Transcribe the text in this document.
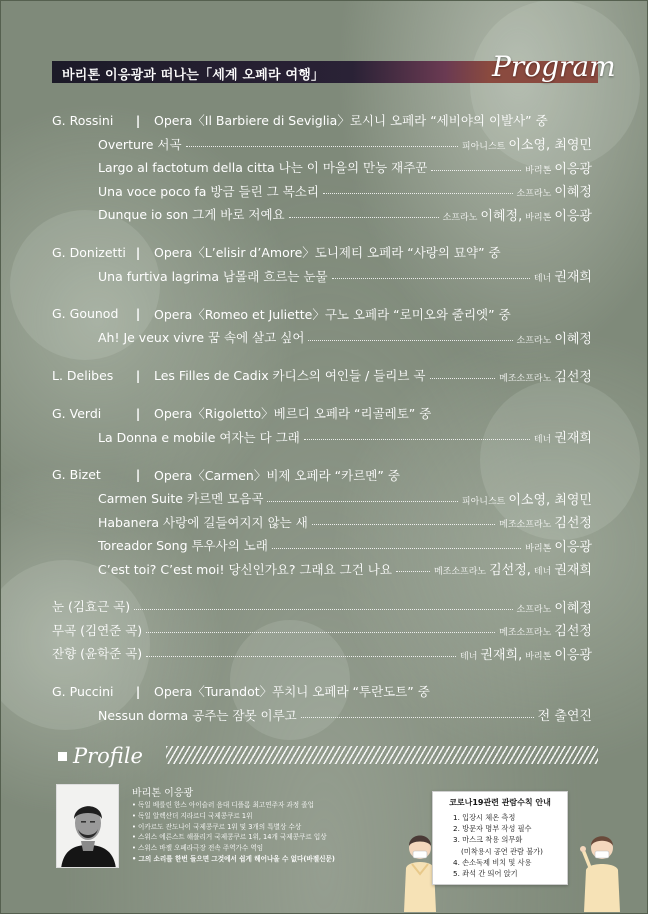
바리톤 이응광과 떠나는「세계 오페라 여행」	Program
G. Rossini	|	Opera〈Il Barbiere di Seviglia〉로시니 오페라 “세비야의 이발사” 중
Overture 서곡	피아니스트 이소영, 최영민
Largo al factotum della citta 나는 이 마을의 만능 재주꾼	바리톤 이응광
Una voce poco fa 방금 들린 그 목소리	소프라노 이혜정
Dunque io son 그게 바로 저예요	소프라노 이혜정, 바리톤 이응광
G. Donizetti |	Opera〈L’elisir d’Amore〉도니제티 오페라 “사랑의 묘약” 중
Una furtiva lagrima 남몰래 흐르는 눈물	테너 권재희
G. Gounod	|	Opera〈Romeo et Juliette〉구노 오페라 “로미오와 줄리엣” 중
Ah! Je veux vivre 꿈 속에 살고 싶어	소프라노 이혜정
L. Delibes	|	Les Filles de Cadix 카디스의 여인들 / 들리브 곡	메조소프라노 김선정
G. Verdi	|	Opera〈Rigoletto〉베르디 오페라 “리골레토” 중
La Donna e mobile 여자는 다 그래	테너 권재희
G. Bizet	|	Opera〈Carmen〉비제 오페라 “카르멘” 중
Carmen Suite 카르멘 모음곡	피아니스트 이소영, 최영민
Habanera 사랑에 길들여지지 않는 새	메조소프라노 김선정
Toreador Song 투우사의 노래	바리톤 이응광
C’est toi? C’est moi! 당신인가요? 그래요 그건 나요	메조소프라노 김선정, 테너 권재희
눈 (김효근 곡)	소프라노 이혜정
무곡 (김연준 곡)	메조소프라노 김선정
잔향 (윤학준 곡)	테너 권재희, 바리톤 이응광
G. Puccini	|	Opera〈Turandot〉푸치니 오페라 “투란도트” 중
Nessun dorma 공주는 잠못 이루고	전 출연진
Profile
바리톤 이응광
• 독일 베를린 한스 아이슬러 음대 디플롬 최고연주자 과정 졸업
• 독일 알렉산더 지라르디 국제콩쿠르 1위
• 이카르도 잔도나이 국제콩쿠르 1위 및 3개의 특별상 수상
• 스위스 에른스트 해플리거 국제콩쿠르 1위, 14개 국제콩쿠르 입상
• 스위스 바젤 오페라극장 전속 주역가수 역임
• 그의 소리를 한번 들으면 그것에서 쉽게 헤어나올 수 없다(바젤신문)
코로나19관련 관람수칙 안내
1. 입장시 체온 측정
2. 방문자 명부 작성 필수
3. 마스크 착용 의무화
(미착용시 공연 관람 불가)
4. 손소독제 비치 및 사용
5. 좌석 간 띄어 앉기
